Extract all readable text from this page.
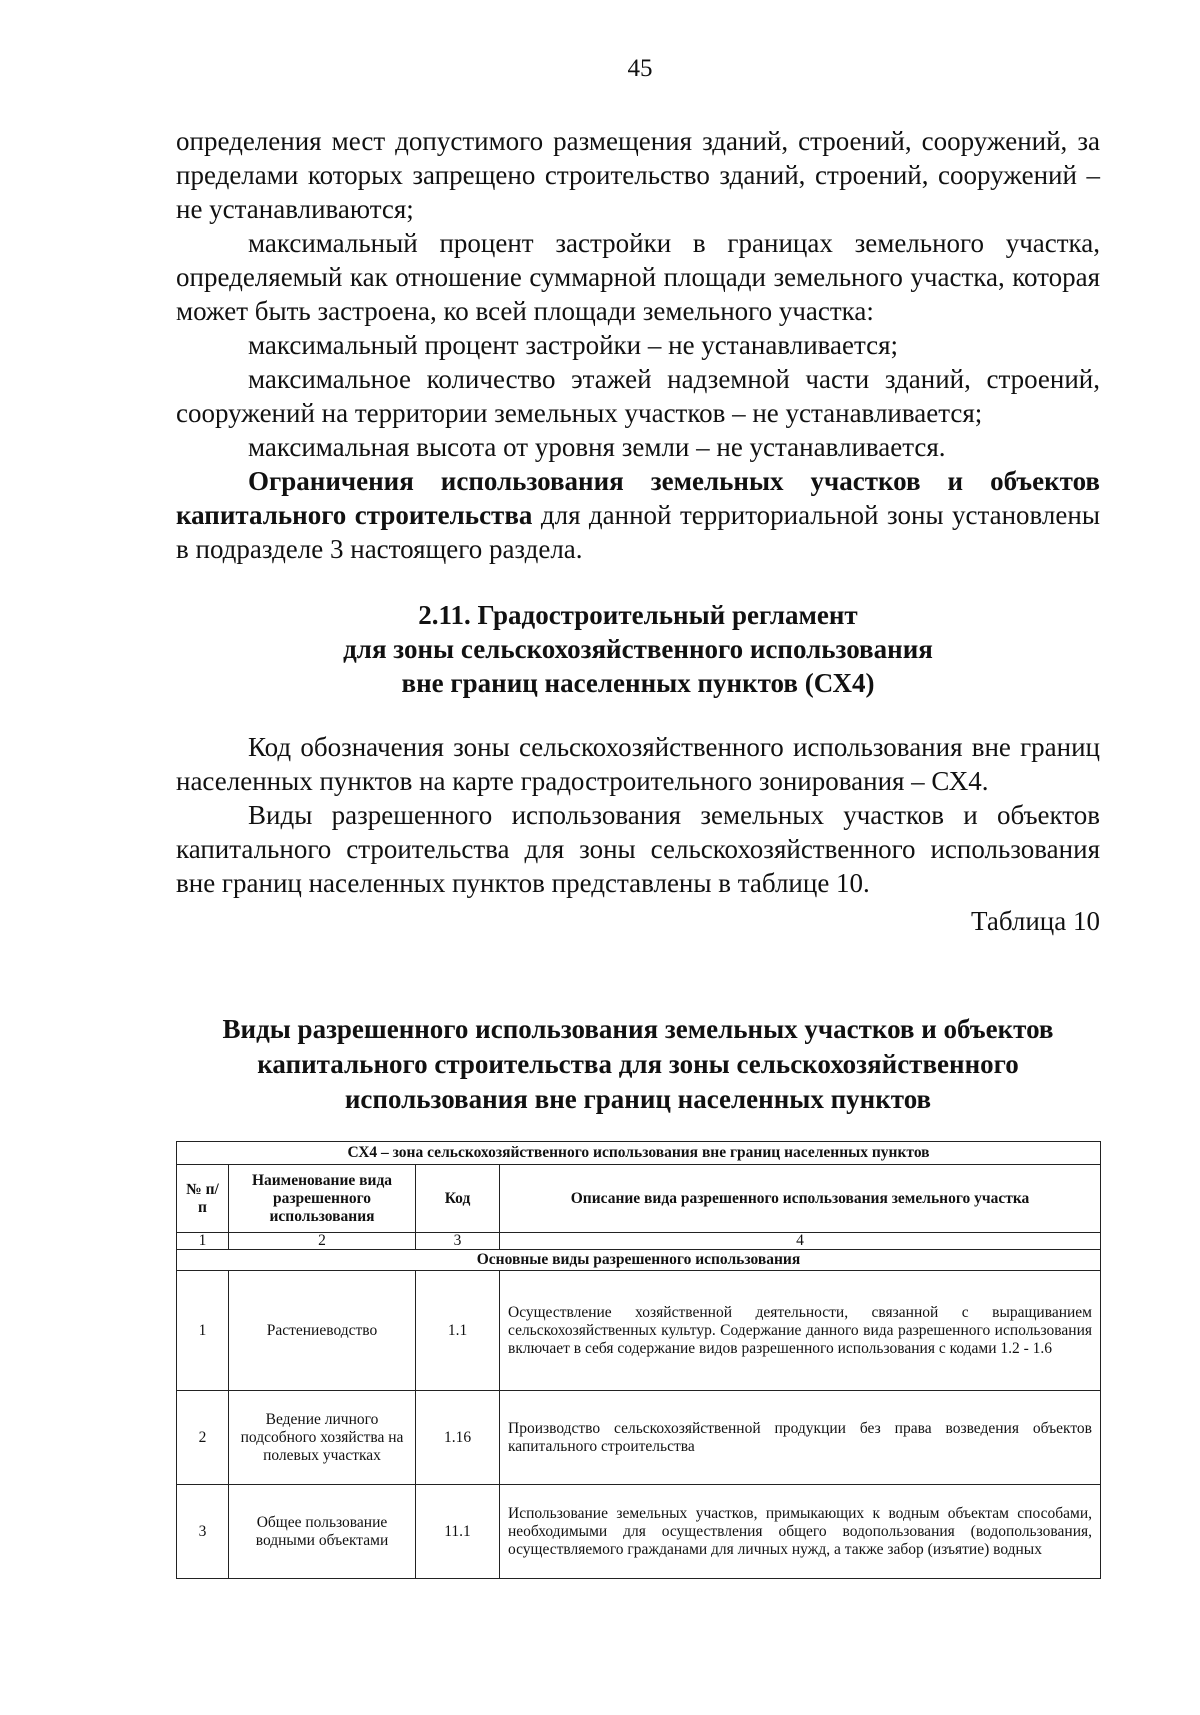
45

определения мест допустимого размещения зданий, строений, сооружений, за пределами которых запрещено строительство зданий, строений, сооружений – не устанавливаются;

максимальный процент застройки в границах земельного участка, определяемый как отношение суммарной площади земельного участка, которая может быть застроена, ко всей площади земельного участка:

максимальный процент застройки – не устанавливается;

максимальное количество этажей надземной части зданий, строений, сооружений на территории земельных участков – не устанавливается;

максимальная высота от уровня земли – не устанавливается.

Ограничения использования земельных участков и объектов капитального строительства для данной территориальной зоны установлены в подразделе 3 настоящего раздела.

2.11. Градостроительный регламент
для зоны сельскохозяйственного использования
вне границ населенных пунктов (СХ4)

Код обозначения зоны сельскохозяйственного использования вне границ населенных пунктов на карте градостроительного зонирования – СХ4.

Виды разрешенного использования земельных участков и объектов капитального строительства для зоны сельскохозяйственного использования вне границ населенных пунктов представлены в таблице 10.

Таблица 10

Виды разрешенного использования земельных участков и объектов
капитального строительства для зоны сельскохозяйственного
использования вне границ населенных пунктов
СХ4 – зона сельскохозяйственного использования вне границ населенных пунктов			
№ п/п	Наименование вида разрешенного использования	Код	Описание вида разрешенного использования земельного участка
1	2	3	4
Основные виды разрешенного использования			
1	Растениеводство	1.1	Осуществление хозяйственной деятельности, связанной с выращиванием сельскохозяйственных культур. Содержание данного вида разрешенного использования включает в себя содержание видов разрешенного использования с кодами 1.2 - 1.6
2	Ведение личного подсобного хозяйства на полевых участках	1.16	Производство сельскохозяйственной продукции без права возведения объектов капитального строительства
3	Общее пользование водными объектами	11.1	Использование земельных участков, примыкающих к водным объектам способами, необходимыми для осуществления общего водопользования (водопользования, осуществляемого гражданами для личных нужд, а также забор (изъятие) водных
